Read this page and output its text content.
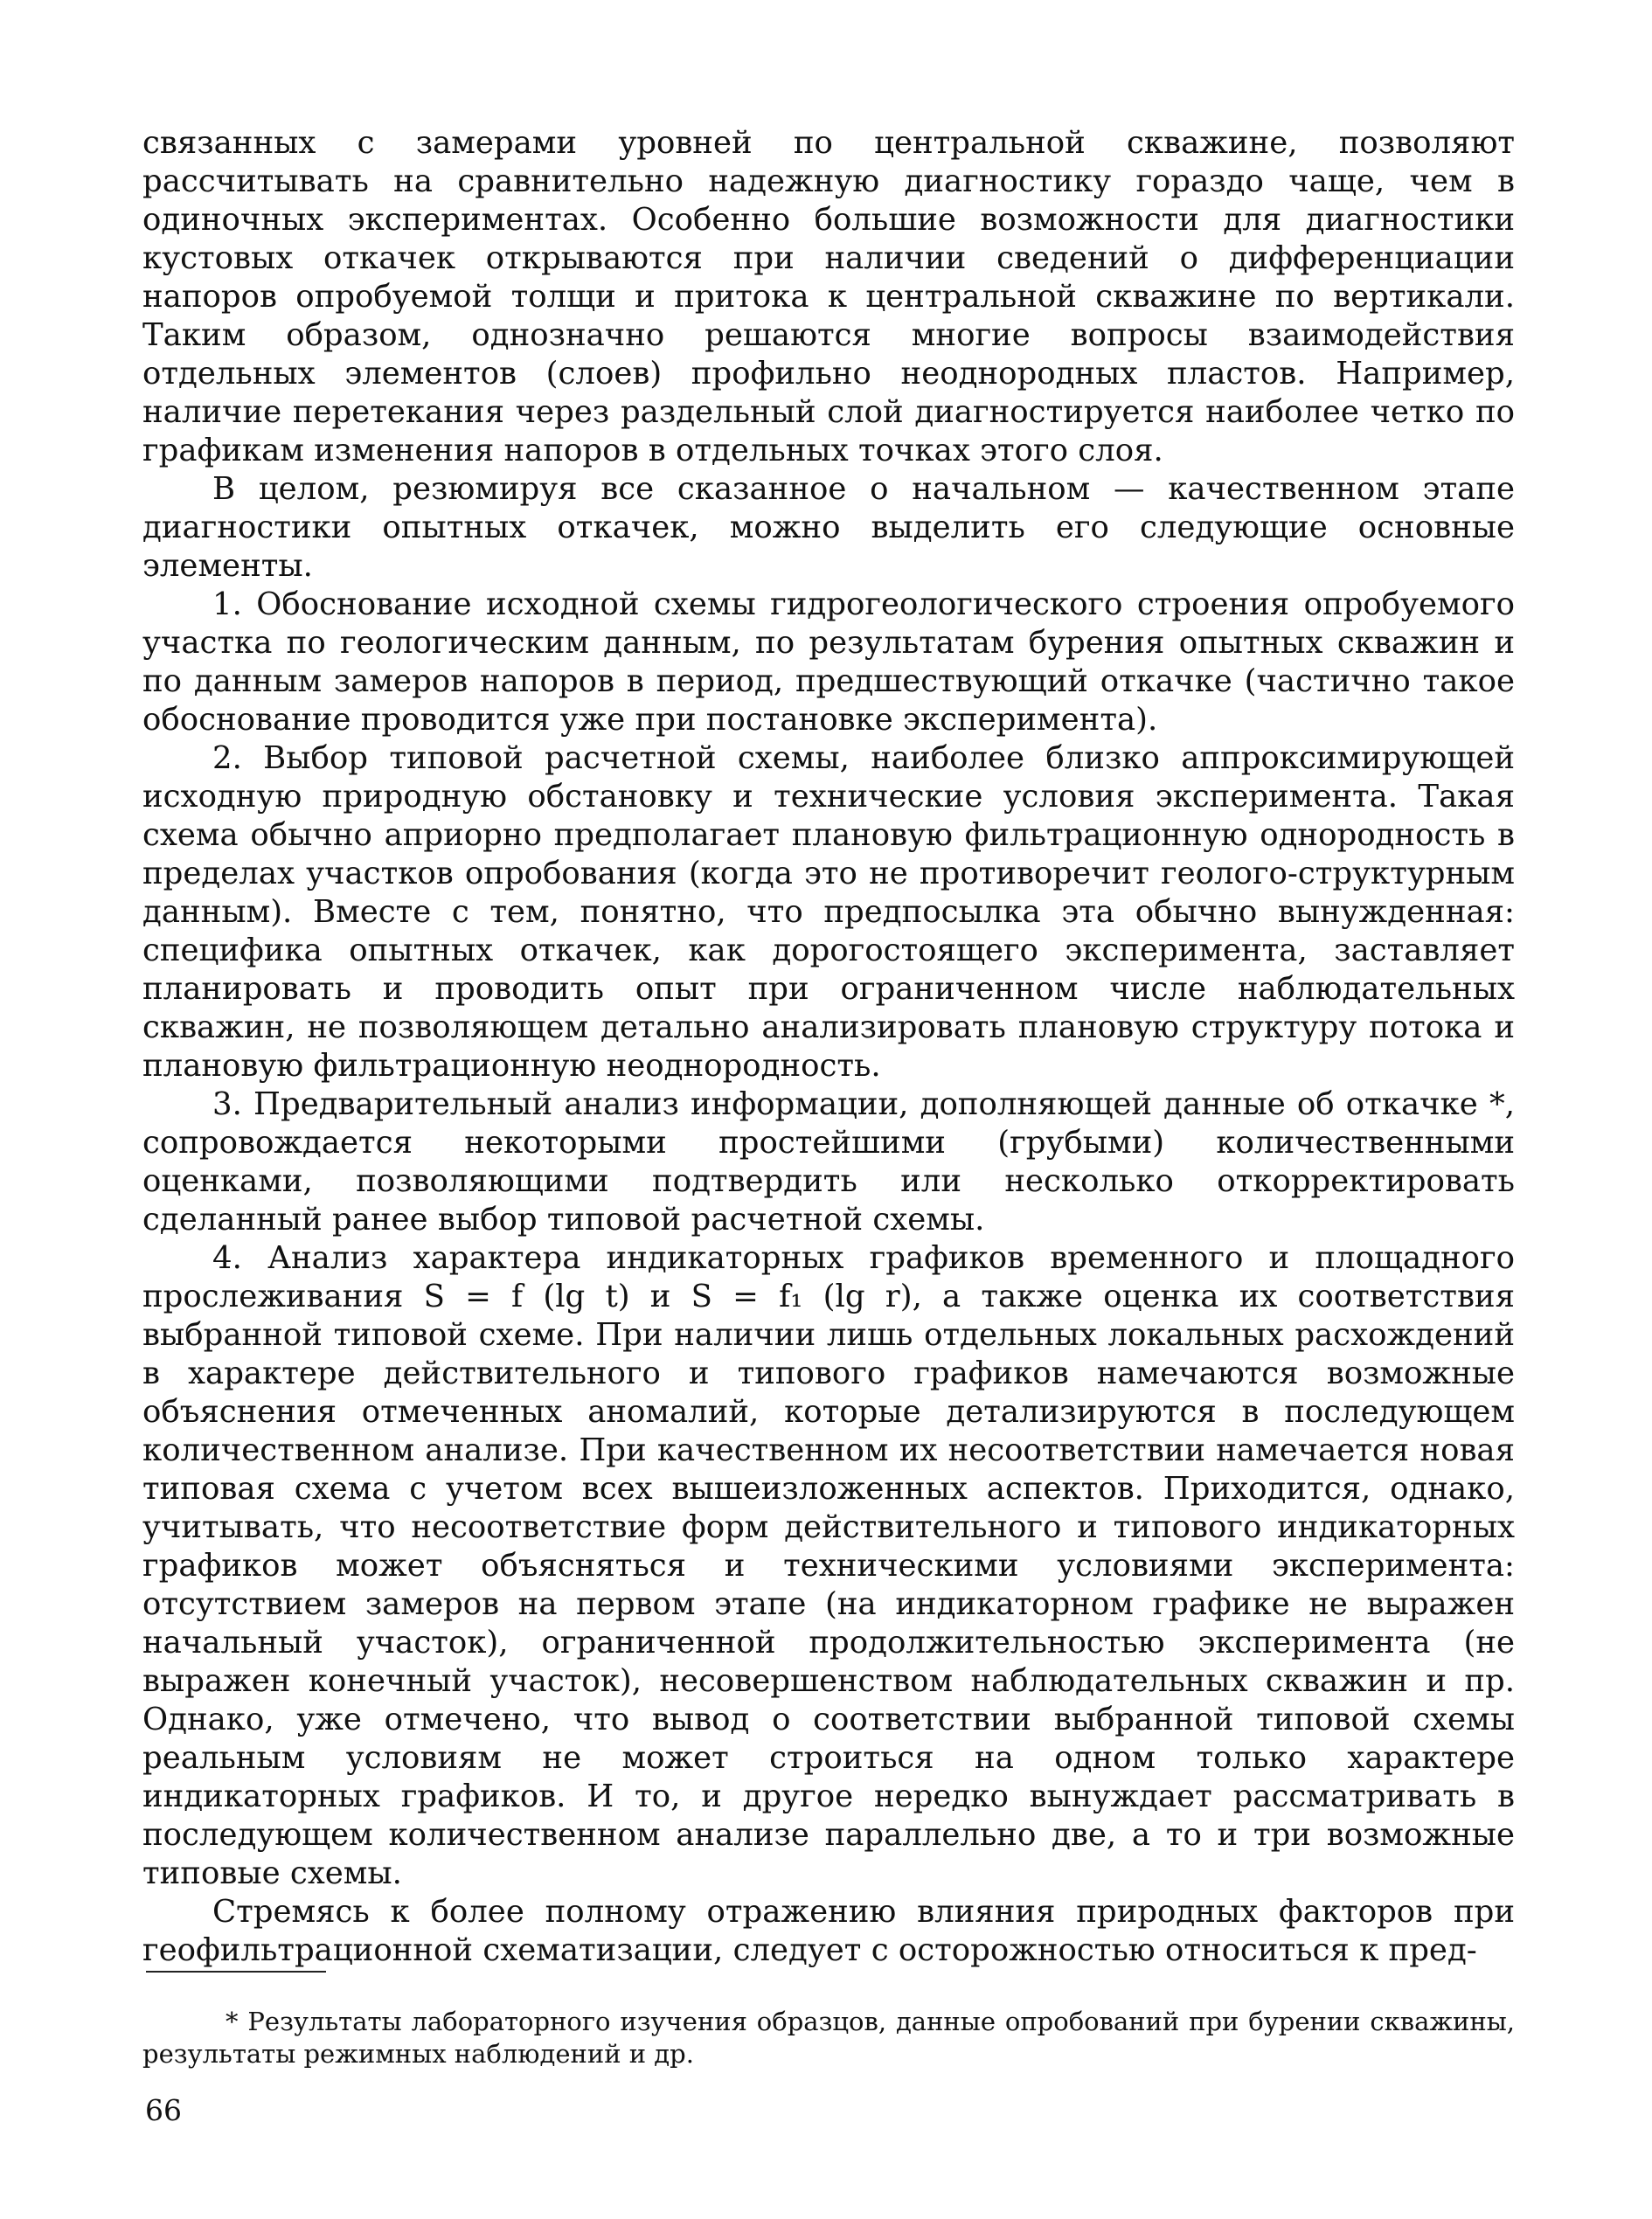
связанных с замерами уровней по центральной скважине, позволяют рассчитывать на сравнительно надежную диагностику гораздо чаще, чем в одиночных экспериментах. Особенно большие возможности для диагностики кустовых откачек открываются при наличии сведений о дифференциации напоров опробуемой толщи и притока к центральной скважине по вертикали. Таким образом, однозначно решаются многие вопросы взаимодействия отдельных элементов (слоев) профильно неоднородных пластов. Например, наличие перетекания через раздельный слой диагностируется наиболее четко по графикам изменения напоров в отдельных точках этого слоя.

В целом, резюмируя все сказанное о начальном — качественном этапе диагностики опытных откачек, можно выделить его следующие основные элементы.

1. Обоснование исходной схемы гидрогеологического строения опробуемого участка по геологическим данным, по результатам бурения опытных скважин и по данным замеров напоров в период, предшествующий откачке (частично такое обоснование проводится уже при постановке эксперимента).

2. Выбор типовой расчетной схемы, наиболее близко аппроксимирующей исходную природную обстановку и технические условия эксперимента. Такая схема обычно априорно предполагает плановую фильтрационную однородность в пределах участков опробования (когда это не противоречит геолого-структурным данным). Вместе с тем, понятно, что предпосылка эта обычно вынужденная: специфика опытных откачек, как дорогостоящего эксперимента, заставляет планировать и проводить опыт при ограниченном числе наблюдательных скважин, не позволяющем детально анализировать плановую структуру потока и плановую фильтрационную неоднородность.

3. Предварительный анализ информации, дополняющей данные об откачке *, сопровождается некоторыми простейшими (грубыми) количественными оценками, позволяющими подтвердить или несколько откорректировать сделанный ранее выбор типовой расчетной схемы.

4. Анализ характера индикаторных графиков временного и площадного прослеживания S = f (lg t) и S = f₁ (lg r), а также оценка их соответствия выбранной типовой схеме. При наличии лишь отдельных локальных расхождений в характере действительного и типового графиков намечаются возможные объяснения отмеченных аномалий, которые детализируются в последующем количественном анализе. При качественном их несоответствии намечается новая типовая схема с учетом всех вышеизложенных аспектов. Приходится, однако, учитывать, что несоответствие форм действительного и типового индикаторных графиков может объясняться и техническими условиями эксперимента: отсутствием замеров на первом этапе (на индикаторном графике не выражен начальный участок), ограниченной продолжительностью эксперимента (не выражен конечный участок), несовершенством наблюдательных скважин и пр. Однако, уже отмечено, что вывод о соответствии выбранной типовой схемы реальным условиям не может строиться на одном только характере индикаторных графиков. И то, и другое нередко вынуждает рассматривать в последующем количественном анализе параллельно две, а то и три возможные типовые схемы.

Стремясь к более полному отражению влияния природных факторов при геофильтрационной схематизации, следует с осторожностью относиться к пред-

* Результаты лабораторного изучения образцов, данные опробований при бурении скважины, результаты режимных наблюдений и др.

66
